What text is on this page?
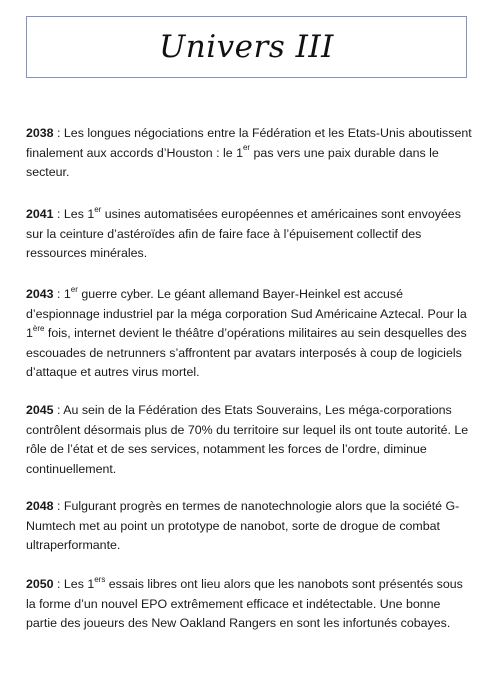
Univers III

2038 : Les longues négociations entre la Fédération et les Etats-Unis aboutissent finalement aux accords d’Houston : le 1er pas vers une paix durable dans le secteur.

2041 : Les 1er usines automatisées européennes et américaines sont envoyées sur la ceinture d’astéroïdes afin de faire face à l’épuisement collectif des ressources minérales.

2043 : 1er guerre cyber. Le géant allemand Bayer-Heinkel est accusé d’espionnage industriel par la méga corporation Sud Américaine Aztecal. Pour la 1ère fois, internet devient le théâtre d’opérations militaires au sein desquelles des escouades de netrunners s’affrontent par avatars interposés à coup de logiciels d’attaque et autres virus mortel.

2045 : Au sein de la Fédération des Etats Souverains, Les méga-corporations contrôlent désormais plus de 70% du territoire sur lequel ils ont toute autorité. Le rôle de l’état et de ses services, notamment les forces de l’ordre, diminue continuellement.

2048 : Fulgurant progrès en termes de nanotechnologie alors que la société G-Numtech met au point un prototype de nanobot, sorte de drogue de combat ultraperformante.

2050 : Les 1ers essais libres ont lieu alors que les nanobots sont présentés sous la forme d’un nouvel EPO extrêmement efficace et indétectable. Une bonne partie des joueurs des New Oakland Rangers en sont les infortunés cobayes.
